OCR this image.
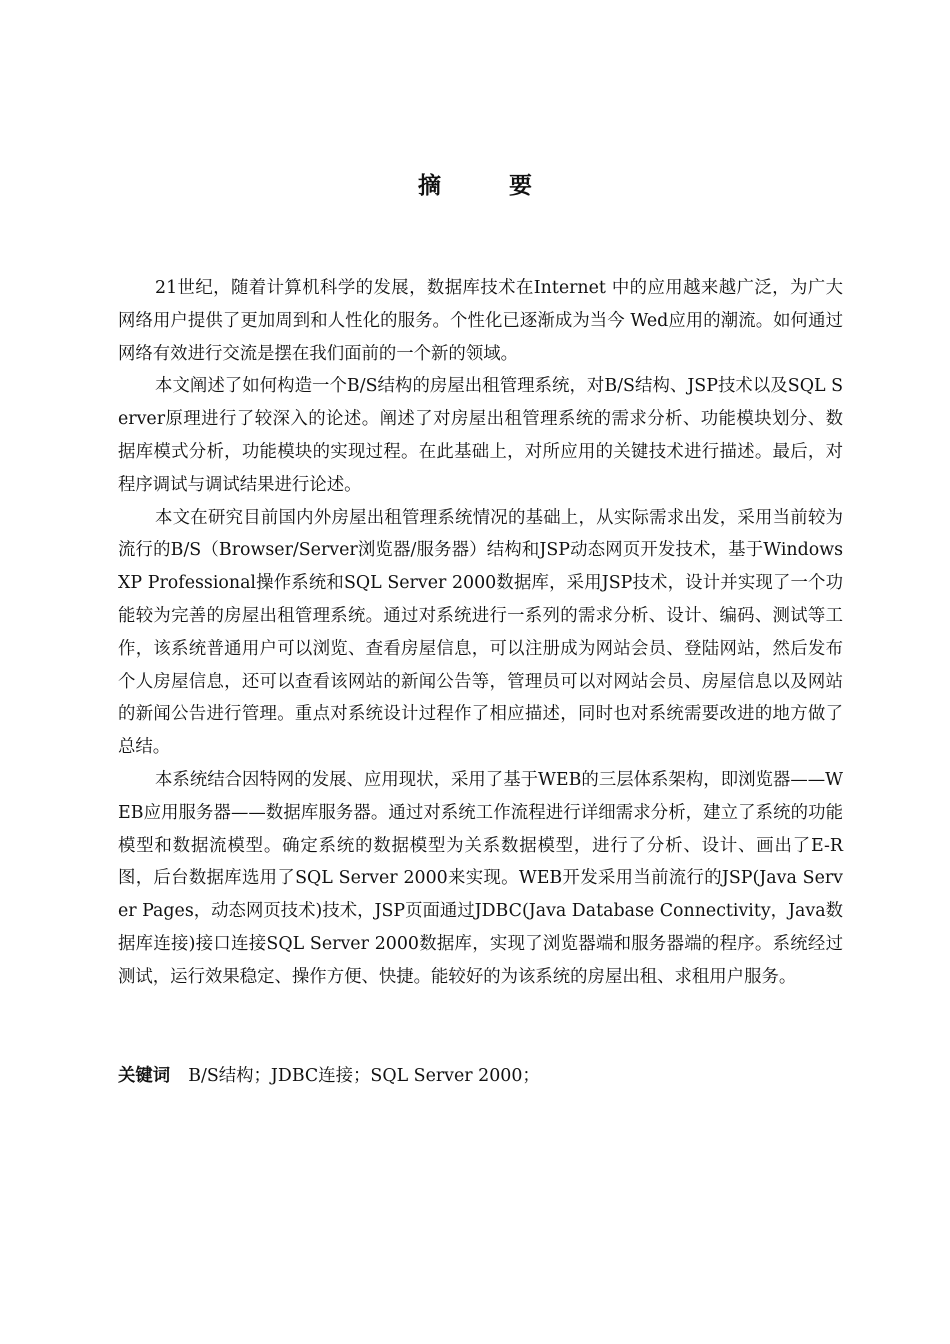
摘 要

21世纪，随着计算机科学的发展，数据库技术在Internet 中的应用越来越广泛，为广大网络用户提供了更加周到和人性化的服务。个性化已逐渐成为当今 Wed应用的潮流。如何通过网络有效进行交流是摆在我们面前的一个新的领域。

本文阐述了如何构造一个B/S结构的房屋出租管理系统，对B/S结构、JSP技术以及SQL Server原理进行了较深入的论述。阐述了对房屋出租管理系统的需求分析、功能模块划分、数据库模式分析，功能模块的实现过程。在此基础上，对所应用的关键技术进行描述。最后，对程序调试与调试结果进行论述。

本文在研究目前国内外房屋出租管理系统情况的基础上，从实际需求出发，采用当前较为流行的B/S（Browser/Server浏览器/服务器）结构和JSP动态网页开发技术，基于Windows XP Professional操作系统和SQL Server 2000数据库，采用JSP技术，设计并实现了一个功能较为完善的房屋出租管理系统。通过对系统进行一系列的需求分析、设计、编码、测试等工作，该系统普通用户可以浏览、查看房屋信息，可以注册成为网站会员、登陆网站，然后发布个人房屋信息，还可以查看该网站的新闻公告等，管理员可以对网站会员、房屋信息以及网站的新闻公告进行管理。重点对系统设计过程作了相应描述，同时也对系统需要改进的地方做了总结。

本系统结合因特网的发展、应用现状，采用了基于WEB的三层体系架构，即浏览器——WEB应用服务器——数据库服务器。通过对系统工作流程进行详细需求分析，建立了系统的功能模型和数据流模型。确定系统的数据模型为关系数据模型，进行了分析、设计、画出了E-R图，后台数据库选用了SQL Server 2000来实现。WEB开发采用当前流行的JSP(Java Server Pages，动态网页技术)技术，JSP页面通过JDBC(Java Database Connectivity，Java数据库连接)接口连接SQL Server 2000数据库，实现了浏览器端和服务器端的程序。系统经过测试，运行效果稳定、操作方便、快捷。能较好的为该系统的房屋出租、求租用户服务。

关键词 B/S结构；JDBC连接；SQL Server 2000；
